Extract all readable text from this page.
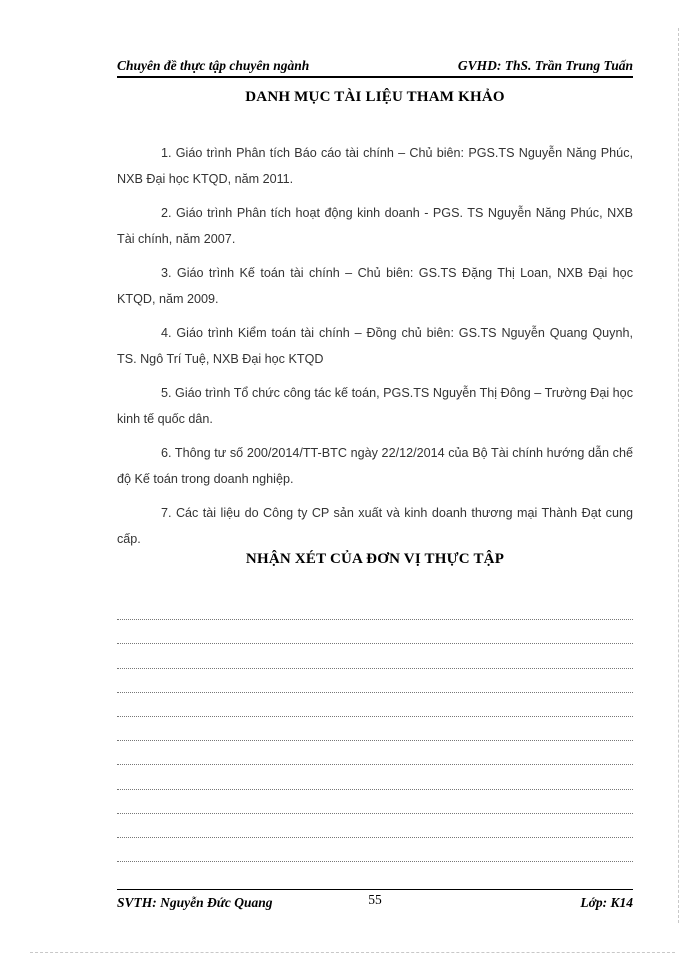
Chuyên đề thực tập chuyên ngành	GVHD: ThS. Trần Trung Tuấn
DANH MỤC TÀI LIỆU THAM KHẢO

1. Giáo trình Phân tích Báo cáo tài chính – Chủ biên: PGS.TS Nguyễn Năng Phúc, NXB Đại học KTQD, năm 2011.

2. Giáo trình Phân tích hoạt động kinh doanh - PGS. TS Nguyễn Năng Phúc, NXB Tài chính, năm 2007.

3. Giáo trình Kế toán tài chính – Chủ biên: GS.TS Đặng Thị Loan, NXB Đại học KTQD, năm 2009.

4. Giáo trình Kiểm toán tài chính – Đồng chủ biên: GS.TS Nguyễn Quang Quynh, TS. Ngô Trí Tuệ, NXB Đại học KTQD

5. Giáo trình Tổ chức công tác kế toán, PGS.TS Nguyễn Thị Đông – Trường Đại học kinh tế quốc dân.

6. Thông tư số 200/2014/TT-BTC ngày 22/12/2014 của Bộ Tài chính hướng dẫn chế độ Kế toán trong doanh nghiệp.

7. Các tài liệu do Công ty CP sản xuất và kinh doanh thương mại Thành Đạt cung cấp.

NHẬN XÉT CỦA ĐƠN VỊ THỰC TẬP
SVTH: Nguyễn Đức Quang	55	Lớp: K14
